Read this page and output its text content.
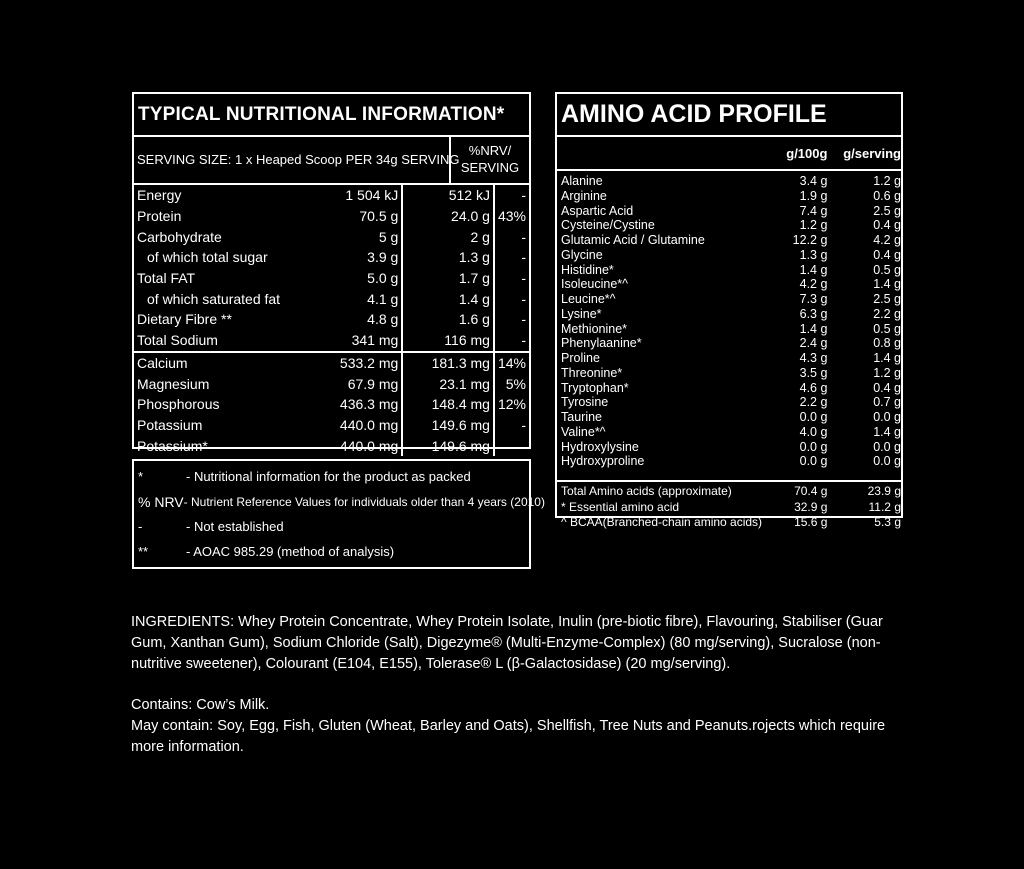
TYPICAL NUTRITIONAL INFORMATION*
SERVING SIZE: 1 x Heaped Scoop PER 34g SERVING
%NRV/
SERVING
Energy	1 504 kJ	512 kJ	-
Protein	70.5 g	24.0 g	43%
Carbohydrate	5 g	2 g	-
of which total sugar	3.9 g	1.3 g	-
Total FAT	5.0 g	1.7 g	-
of which saturated fat	4.1 g	1.4 g	-
Dietary Fibre **	4.8 g	1.6 g	-
Total Sodium	341 mg	116 mg	-
Calcium	533.2 mg	181.3 mg	14%
Magnesium	67.9 mg	23.1 mg	5%
Phosphorous	436.3 mg	148.4 mg	12%
Potassium	440.0 mg	149.6 mg	-
Potassium*	440.0 mg	149.6 mg	
*	- Nutritional information for the product as packed
% NRV - Nutrient Reference Values for individuals older than 4 years (2010)
-	- Not established
**	- AOAC 985.29 (method of analysis)
AMINO ACID PROFILE
g/100g	g/serving
Alanine	3.4 g	1.2 g
Arginine	1.9 g	0.6 g
Aspartic Acid	7.4 g	2.5 g
Cysteine/Cystine	1.2 g	0.4 g
Glutamic Acid / Glutamine	12.2 g	4.2 g
Glycine	1.3 g	0.4 g
Histidine*	1.4 g	0.5 g
Isoleucine*^	4.2 g	1.4 g
Leucine*^	7.3 g	2.5 g
Lysine*	6.3 g	2.2 g
Methionine*	1.4 g	0.5 g
Phenylaanine*	2.4 g	0.8 g
Proline	4.3 g	1.4 g
Threonine*	3.5 g	1.2 g
Tryptophan*	4.6 g	0.4 g
Tyrosine	2.2 g	0.7 g
Taurine	0.0 g	0.0 g
Valine*^	4.0 g	1.4 g
Hydroxylysine	0.0 g	0.0 g
Hydroxyproline	0.0 g	0.0 g
Total Amino acids (approximate)	70.4 g	23.9 g
* Essential amino acid	32.9 g	11.2 g
^ BCAA(Branched-chain amino acids)	15.6 g	5.3 g

INGREDIENTS: Whey Protein Concentrate, Whey Protein Isolate, Inulin (pre-biotic fibre), Flavouring, Stabiliser (Guar Gum, Xanthan Gum), Sodium Chloride (Salt), Digezyme® (Multi-Enzyme-Complex) (80 mg/serving), Sucralose (non-nutritive sweetener), Colourant (E104, E155), Tolerase® L (β-Galactosidase) (20 mg/serving).

Contains: Cow’s Milk.

May contain: Soy, Egg, Fish, Gluten (Wheat, Barley and Oats), Shellfish, Tree Nuts and Peanuts.rojects which require more information.
